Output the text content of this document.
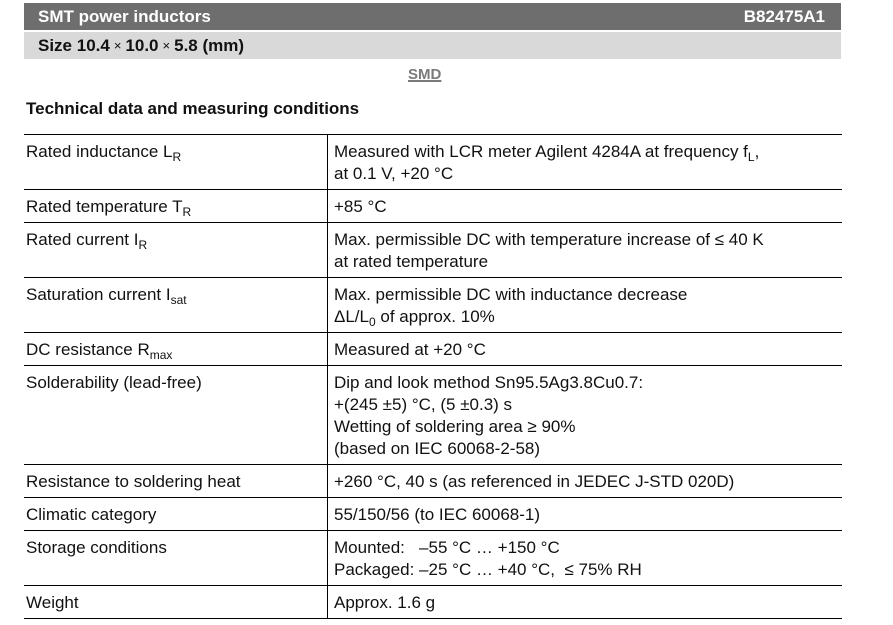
SMT power inductors	B82475A1
Size 10.4 × 10.0 × 5.8 (mm)
SMD
Technical data and measuring conditions
Rated inductance $L_R$	Measured with LCR meter Agilent 4284A at frequency $f_L$,
at 0.1 V, +20 °C

Rated temperature $T_R$	+85 °C

Rated current $I_R$	Max. permissible DC with temperature increase of ≤ 40 K
at rated temperature

Saturation current $I_{sat}$	Max. permissible DC with inductance decrease
$\Delta L/L_0$ of approx. 10%

DC resistance $R_{max}$	Measured at +20 °C

Solderability (lead-free)	Dip and look method Sn95.5Ag3.8Cu0.7:
+(245 ±5) °C, (5 ±0.3) s
Wetting of soldering area ≥ 90%
(based on IEC 60068-2-58)

Resistance to soldering heat	+260 °C, 40 s (as referenced in JEDEC J-STD 020D)

Climatic category	55/150/56 (to IEC 60068-1)

Storage conditions	Mounted:   –55 °C … +150 °C
Packaged: –25 °C … +40 °C,  ≤ 75% RH

Weight	Approx. 1.6 g
